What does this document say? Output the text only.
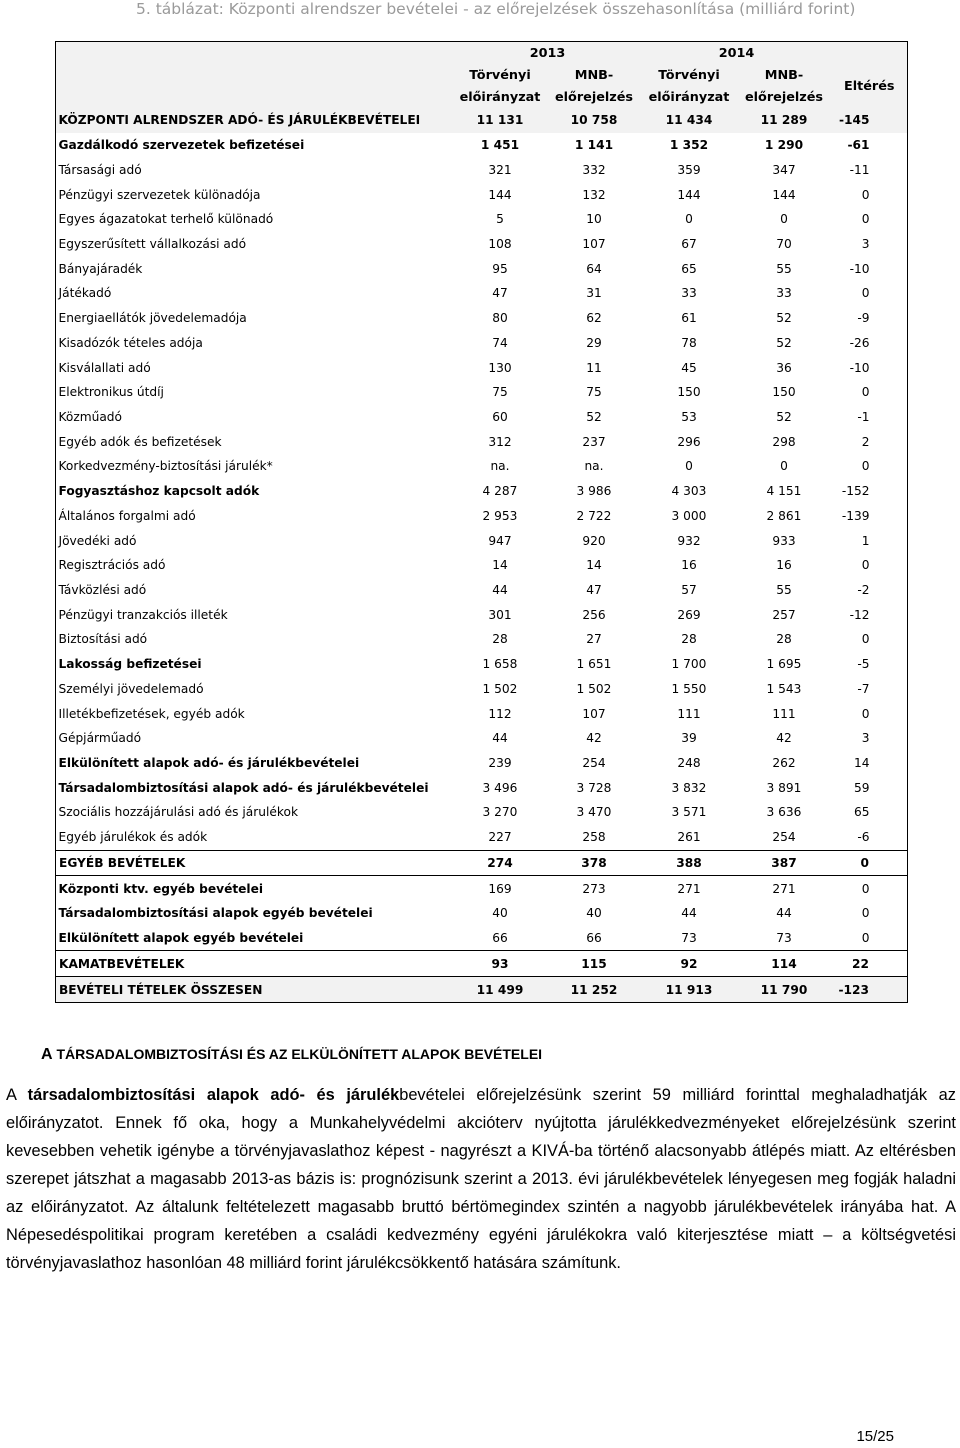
5. táblázat: Központi alrendszer bevételei - az előrejelzések összehasonlítása (milliárd forint)
	2013		2014		
	Törvényi	MNB-	Törvényi	MNB-	Eltérés
	előirányzat	előrejelzés	előirányzat	előrejelzés	
KÖZPONTI ALRENDSZER ADÓ- ÉS JÁRULÉKBEVÉTELEI	11 131	10 758	11 434	11 289	-145
Gazdálkodó szervezetek befizetései	1 451	1 141	1 352	1 290	-61
Társasági adó	321	332	359	347	-11
Pénzügyi szervezetek különadója	144	132	144	144	0
Egyes ágazatokat terhelő különadó	5	10	0	0	0
Egyszerűsített vállalkozási adó	108	107	67	70	3
Bányajáradék	95	64	65	55	-10
Játékadó	47	31	33	33	0
Energiaellátók jövedelemadója	80	62	61	52	-9
Kisadózók tételes adója	74	29	78	52	-26
Kisválallati adó	130	11	45	36	-10
Elektronikus útdíj	75	75	150	150	0
Közműadó	60	52	53	52	-1
Egyéb adók és befizetések	312	237	296	298	2
Korkedvezmény-biztosítási járulék*	na.	na.	0	0	0
Fogyasztáshoz kapcsolt adók	4 287	3 986	4 303	4 151	-152
Általános forgalmi adó	2 953	2 722	3 000	2 861	-139
Jövedéki adó	947	920	932	933	1
Regisztrációs adó	14	14	16	16	0
Távközlési adó	44	47	57	55	-2
Pénzügyi tranzakciós illeték	301	256	269	257	-12
Biztosítási adó	28	27	28	28	0
Lakosság befizetései	1 658	1 651	1 700	1 695	-5
Személyi jövedelemadó	1 502	1 502	1 550	1 543	-7
Illetékbefizetések, egyéb adók	112	107	111	111	0
Gépjárműadó	44	42	39	42	3
Elkülönített alapok adó- és járulékbevételei	239	254	248	262	14
Társadalombiztosítási alapok adó- és járulékbevételei	3 496	3 728	3 832	3 891	59
Szociális hozzájárulási adó és járulékok	3 270	3 470	3 571	3 636	65
Egyéb járulékok és adók	227	258	261	254	-6
EGYÉB BEVÉTELEK	274	378	388	387	0
Központi ktv. egyéb bevételei	169	273	271	271	0
Társadalombiztosítási alapok egyéb bevételei	40	40	44	44	0
Elkülönített alapok egyéb bevételei	66	66	73	73	0
KAMATBEVÉTELEK	93	115	92	114	22
BEVÉTELI TÉTELEK ÖSSZESEN	11 499	11 252	11 913	11 790	-123
A TÁRSADALOMBIZTOSÍTÁSI ÉS AZ ELKÜLÖNÍTETT ALAPOK BEVÉTELEI
A társadalombiztosítási alapok adó- és járulékbevételei előrejelzésünk szerint 59 milliárd forinttal meghaladhatják az előirányzatot. Ennek fő oka, hogy a Munkahelyvédelmi akcióterv nyújtotta járulékkedvezményeket előrejelzésünk szerint kevesebben vehetik igénybe a törvényjavaslathoz képest - nagyrészt a KIVÁ-ba történő alacsonyabb átlépés miatt. Az eltérésben szerepet játszhat a magasabb 2013-as bázis is: prognózisunk szerint a 2013. évi járulékbevételek lényegesen meg fogják haladni az előirányzatot. Az általunk feltételezett magasabb bruttó bértömegindex szintén a nagyobb járulékbevételek irányába hat. A Népesedéspolitikai program keretében a családi kedvezmény egyéni járulékokra való kiterjesztése miatt – a költségvetési törvényjavaslathoz hasonlóan 48 milliárd forint járulékcsökkentő hatására számítunk.
15/25
